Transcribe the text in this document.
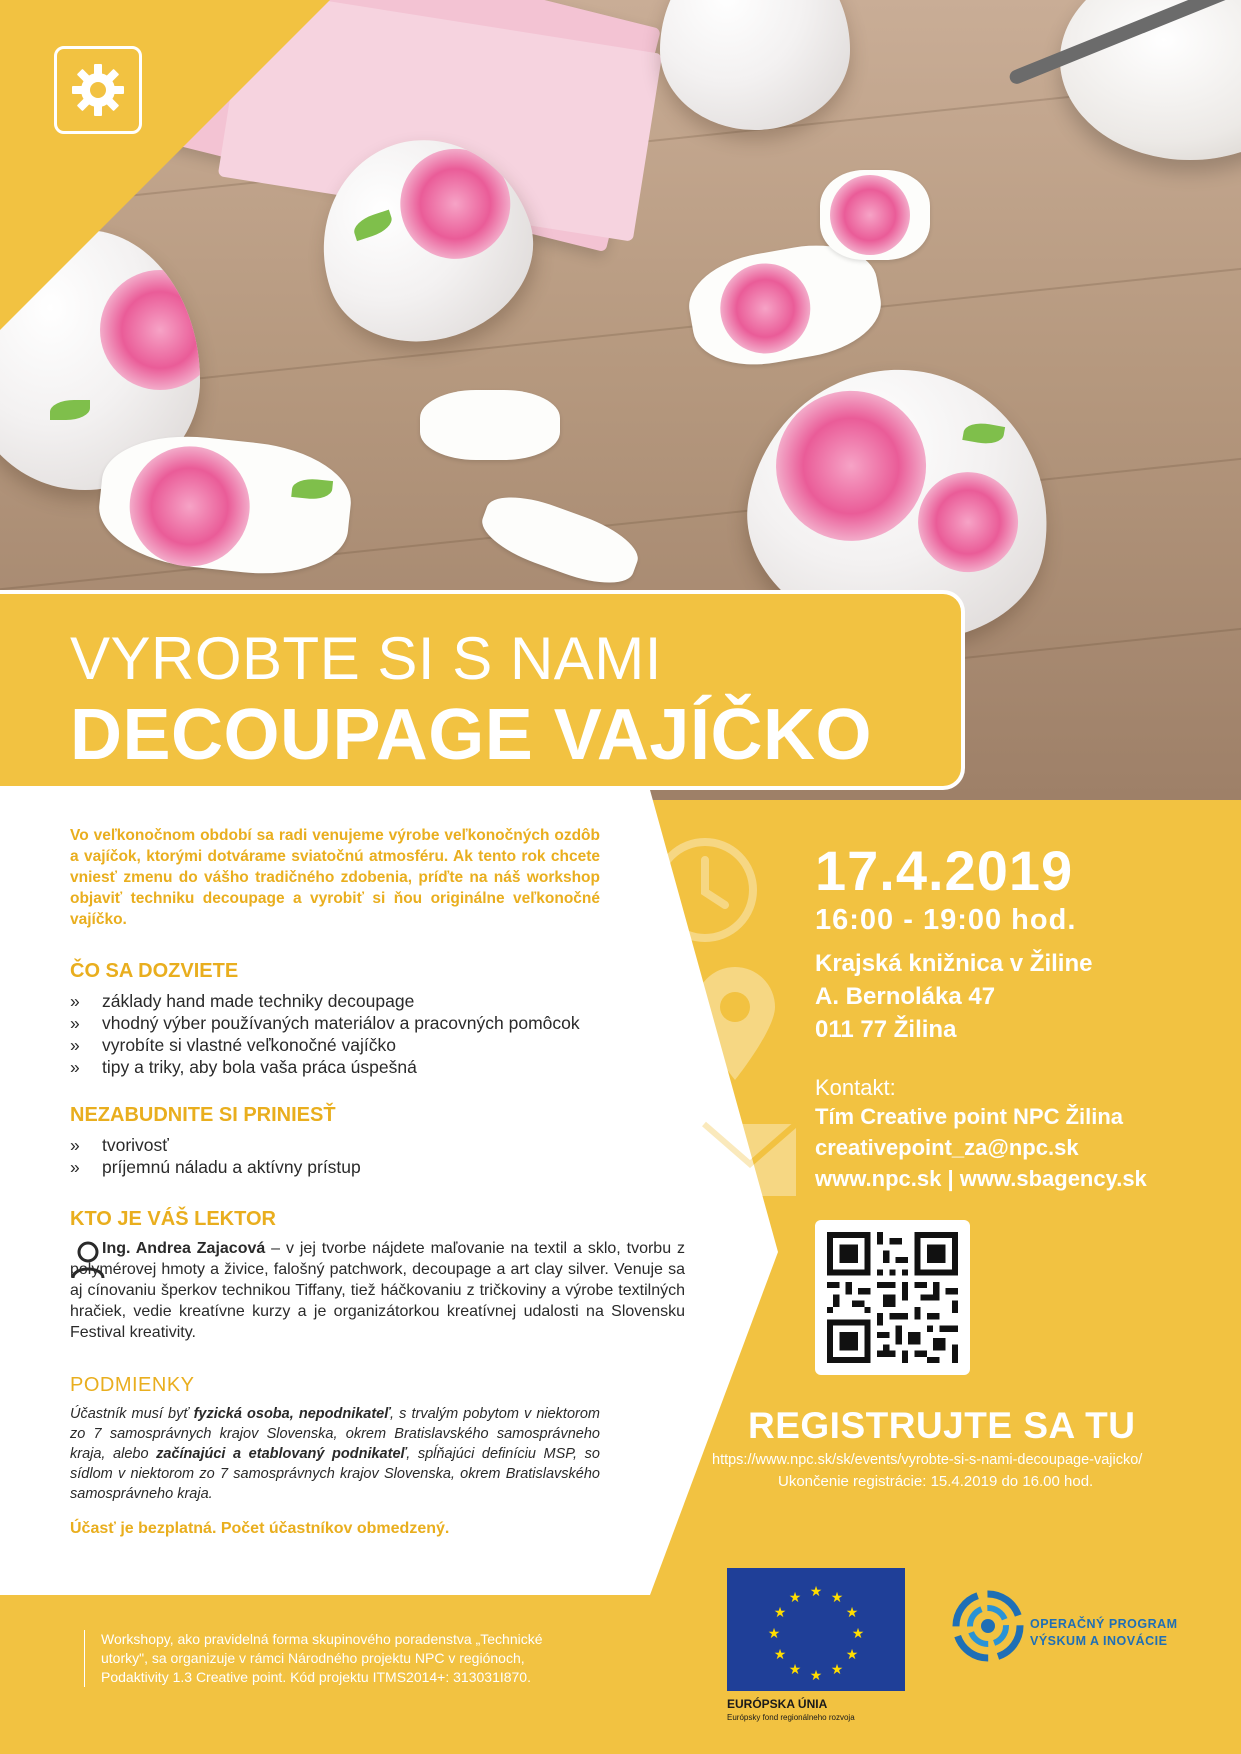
VYROBTE SI S NAMI
DECOUPAGE VAJÍČKO
Vo veľkonočnom období sa radi venujeme výrobe veľkonočných ozdôb a vajíčok, ktorými dotvárame sviatočnú atmosféru. Ak tento rok chcete vniesť zmenu do vášho tradičného zdobenia, príďte na náš workshop objaviť techniku decoupage a vyrobiť si ňou originálne veľkonočné vajíčko.
ČO SA DOZVIETE
» základy hand made techniky decoupage
» vhodný výber používaných materiálov a pracovných pomôcok
» vyrobíte si vlastné veľkonočné vajíčko
» tipy a triky, aby bola vaša práca úspešná
NEZABUDNITE SI PRINIESŤ
» tvorivosť
» príjemnú náladu a aktívny prístup
KTO JE VÁŠ LEKTOR
Ing. Andrea Zajacová – v jej tvorbe nájdete maľovanie na textil a sklo, tvorbu z polymérovej hmoty a živice, falošný patchwork, decoupage a art clay silver. Venuje sa aj cínovaniu šperkov technikou Tiffany, tiež háčkovaniu z tričkoviny a výrobe textilných hračiek, vedie kreatívne kurzy a je organizátorkou kreatívnej udalosti na Slovensku Festival kreativity.
PODMIENKY
Účastník musí byť fyzická osoba, nepodnikateľ, s trvalým pobytom v niektorom zo 7 samosprávnych krajov Slovenska, okrem Bratislavského samosprávneho kraja, alebo začínajúci a etablovaný podnikateľ, spĺňajúci definíciu MSP, so sídlom v niektorom zo 7 samosprávnych krajov Slovenska, okrem Bratislavského samosprávneho kraja.
Účasť je bezplatná. Počet účastníkov obmedzený.
17.4.2019
16:00 - 19:00 hod.
Krajská knižnica v Žiline
A. Bernoláka 47
011 77 Žilina
Kontakt:
Tím Creative point NPC Žilina
creativepoint_za@npc.sk
www.npc.sk | www.sbagency.sk
REGISTRUJTE SA TU
https://www.npc.sk/sk/events/vyrobte-si-s-nami-decoupage-vajicko/
Ukončenie registrácie: 15.4.2019 do 16.00 hod.
Workshopy, ako pravidelná forma skupinového poradenstva „Technické utorky", sa organizuje v rámci Národného projektu NPC v regiónoch, Podaktivity 1.3 Creative point. Kód projektu ITMS2014+: 313031I870.
★ ★
★
★
★
★
★
★
★
★
★
★
EURÓPSKA ÚNIA
Európsky fond regionálneho rozvoja
OPERAČNÝ PROGRAM
VÝSKUM A INOVÁCIE
